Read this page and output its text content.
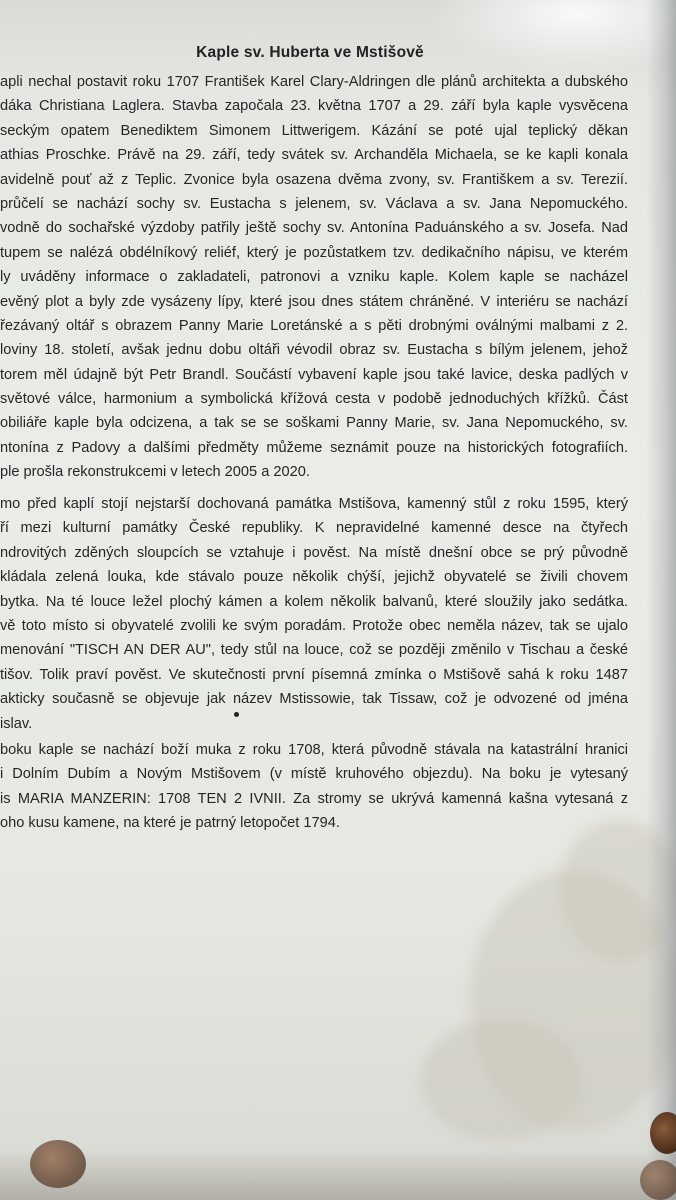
Kaple sv. Huberta ve Mstišově
apli nechal postavit roku 1707 František Karel Clary-Aldringen dle plánů architekta a dubského
dáka Christiana Laglera. Stavba započala 23. května 1707 a 29. září byla kaple vysvěcena
seckým opatem Benediktem Simonem Littwerigem. Kázání se poté ujal teplický děkan
athias Proschke. Právě na 29. září, tedy svátek sv. Archanděla Michaela, se ke kapli konala
avidelně pouť až z Teplic. Zvonice byla osazena dvěma zvony, sv. Františkem a sv. Terezií.
průčelí se nachází sochy sv. Eustacha s jelenem, sv. Václava a sv. Jana Nepomuckého.
vodně do sochařské výzdoby patřily ještě sochy sv. Antonína Paduánského a sv. Josefa. Nad
tupem se nalézá obdélníkový reliéf, který je pozůstatkem tzv. dedikačního nápisu, ve kterém
ly uváděny informace o zakladateli, patronovi a vzniku kaple. Kolem kaple se nacházel
evěný plot a byly zde vysázeny lípy, které jsou dnes státem chráněné. V interiéru se nachází
řezávaný oltář s obrazem Panny Marie Loretánské a s pěti drobnými oválnými malbami z 2.
loviny 18. století, avšak jednu dobu oltáři vévodil obraz sv. Eustacha s bílým jelenem, jehož
torem měl údajně být Petr Brandl. Součástí vybavení kaple jsou také lavice, deska padlých v
světové válce, harmonium a symbolická křížová cesta v podobě jednoduchých křížků. Část
obiliáře kaple byla odcizena, a tak se se soškami Panny Marie, sv. Jana Nepomuckého, sv.
ntonína z Padovy a dalšími předměty můžeme seznámit pouze na historických fotografiích.
ple prošla rekonstrukcemi v letech 2005 a 2020.
mo před kaplí stojí nejstarší dochovaná památka Mstišova, kamenný stůl z roku 1595, který
ří mezi kulturní památky České republiky. K nepravidelné kamenné desce na čtyřech
ndrovitých zděných sloupcích se vztahuje i pověst. Na místě dnešní obce se prý původně
kládala zelená louka, kde stávalo pouze několik chýší, jejichž obyvatelé se živili chovem
bytka. Na té louce ležel plochý kámen a kolem několik balvanů, které sloužily jako sedátka.
vě toto místo si obyvatelé zvolili ke svým poradám. Protože obec neměla název, tak se ujalo
menování "TISCH AN DER AU", tedy stůl na louce, což se později změnilo v Tischau a české
tišov. Tolik praví pověst. Ve skutečnosti první písemná zmínka o Mstišově sahá k roku 1487
akticky současně se objevuje jak název Mstissowie, tak Tissaw, což je odvozené od jména
islav.
boku kaple se nachází boží muka z roku 1708, která původně stávala na katastrální hranici
i Dolním Dubím a Novým Mstišovem (v místě kruhového objezdu). Na boku je vytesaný
is MARIA MANZERIN: 1708 TEN 2 IVNII. Za stromy se ukrývá kamenná kašna vytesaná z
oho kusu kamene, na které je patrný letopočet 1794.
